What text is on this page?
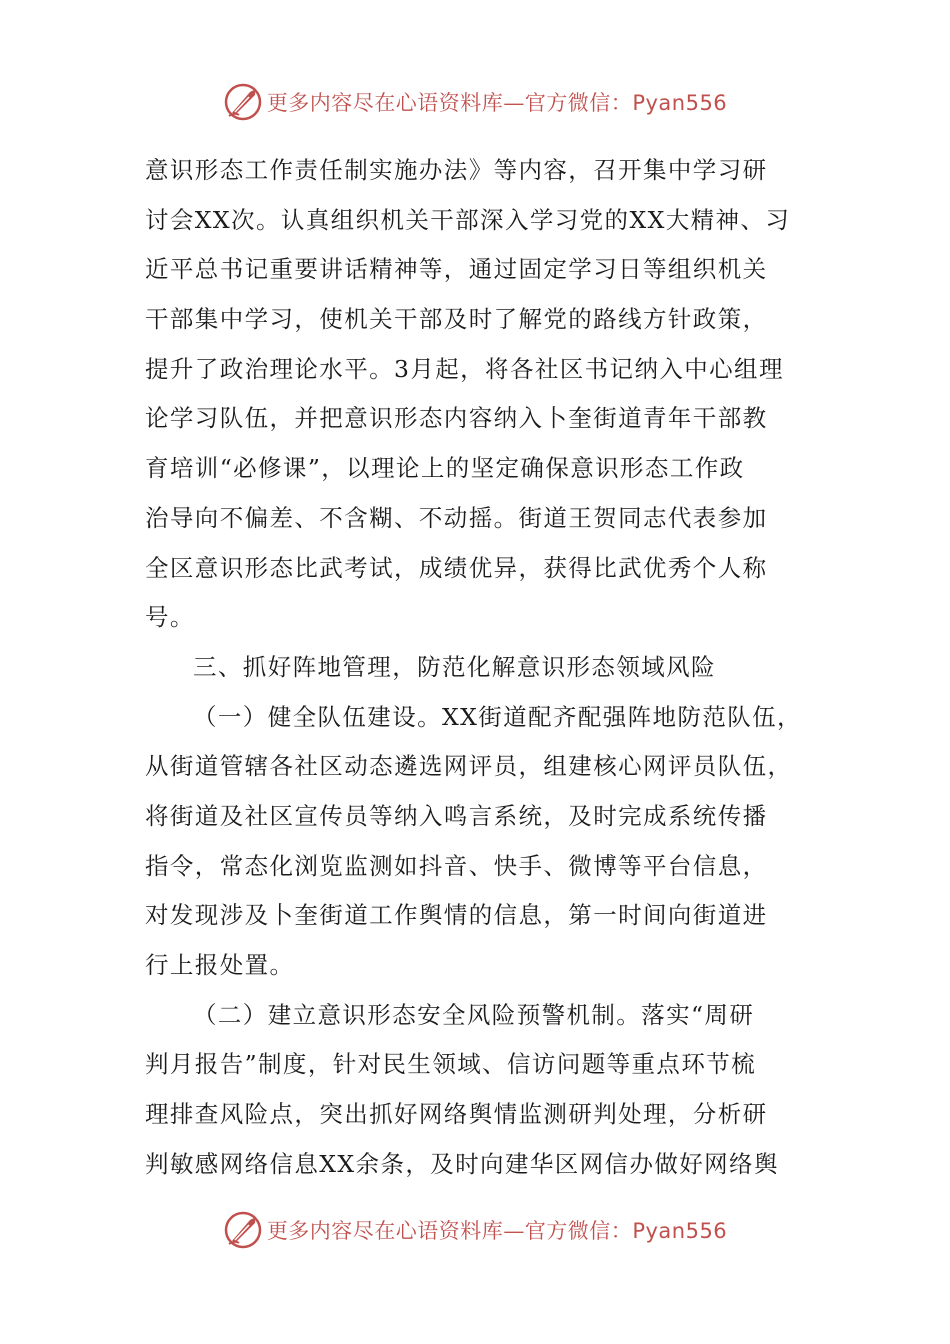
更多内容尽在心语资料库—官方微信：Pyan556
意识形态工作责任制实施办法》等内容，召开集中学习研
讨会XX次。认真组织机关干部深入学习党的XX大精神、习
近平总书记重要讲话精神等，通过固定学习日等组织机关
干部集中学习，使机关干部及时了解党的路线方针政策，
提升了政治理论水平。3月起，将各社区书记纳入中心组理
论学习队伍，并把意识形态内容纳入卜奎街道青年干部教
育培训“必修课”，以理论上的坚定确保意识形态工作政
治导向不偏差、不含糊、不动摇。街道王贺同志代表参加
全区意识形态比武考试，成绩优异，获得比武优秀个人称
号。
三、抓好阵地管理，防范化解意识形态领域风险
（一）健全队伍建设。XX街道配齐配强阵地防范队伍，
从街道管辖各社区动态遴选网评员，组建核心网评员队伍，
将街道及社区宣传员等纳入鸣言系统，及时完成系统传播
指令，常态化浏览监测如抖音、快手、微博等平台信息，
对发现涉及卜奎街道工作舆情的信息，第一时间向街道进
行上报处置。
（二）建立意识形态安全风险预警机制。落实“周研
判月报告”制度，针对民生领域、信访问题等重点环节梳
理排查风险点，突出抓好网络舆情监测研判处理，分析研
判敏感网络信息XX余条，及时向建华区网信办做好网络舆
更多内容尽在心语资料库—官方微信：Pyan556
